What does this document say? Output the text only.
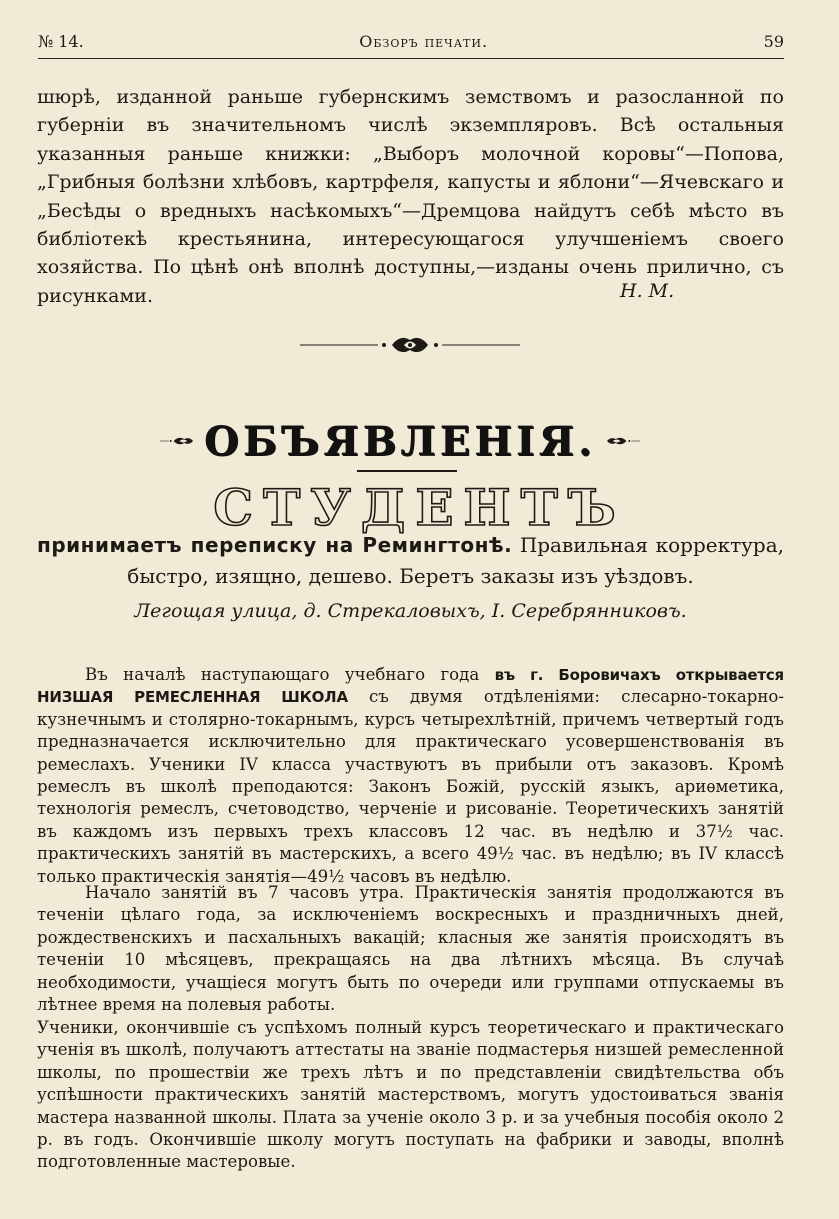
№ 14.	Обзоръ печати.	59

шюрѣ, изданной раньше губернскимъ земствомъ и разосланной по губерніи въ значительномъ числѣ экземпляровъ. Всѣ остальныя указанныя раньше книжки: „Выборъ молочной коровы“—Попова, „Грибныя болѣзни хлѣбовъ, картрфеля, капусты и яблони“—Ячевскаго и „Бесѣды о вредныхъ насѣкомыхъ“—Дремцова найдутъ себѣ мѣсто въ библіотекѣ крестьянина, интересующагося улучшеніемъ своего хозяйства. По цѣнѣ онѣ вполнѣ доступны,—изданы очень прилично, съ рисунками.	Н. М.
ОБЪЯВЛЕНІЯ.
СТУДЕНТЪ

принимаетъ переписку на Ремингтонѣ. Правильная корректура,

быстро, изящно, дешево. Беретъ заказы изъ уѣздовъ.

Легощая улица, д. Стрекаловыхъ, І. Серебрянниковъ.

Въ началѣ наступающаго учебнаго года въ г. Боровичахъ открывается НИЗШАЯ РЕМЕСЛЕННАЯ ШКОЛА съ двумя отдѣленіями: слесарно-токарно-кузнечнымъ и столярно-токарнымъ, курсъ четырехлѣтній, причемъ четвертый годъ предназначается исключительно для практическаго усовершенствованія въ ремеслахъ. Ученики IV класса участвуютъ въ прибыли отъ заказовъ. Кромѣ ремеслъ въ школѣ преподаются: Законъ Божій, русскій языкъ, ариѳметика, технологія ремеслъ, счетоводство, черченіе и рисованіе. Теоретическихъ занятій въ каждомъ изъ первыхъ трехъ классовъ 12 час. въ недѣлю и 37½ час. практическихъ занятій въ мастерскихъ, а всего 49½ час. въ недѣлю; въ IV классѣ только практическія занятія—49½ часовъ въ недѣлю.

Начало занятій въ 7 часовъ утра. Практическія занятія продолжаются въ теченіи цѣлаго года, за исключеніемъ воскресныхъ и праздничныхъ дней, рождественскихъ и пасхальныхъ вакацій; класныя же занятія происходятъ въ теченіи 10 мѣсяцевъ, прекращаясь на два лѣтнихъ мѣсяца. Въ случаѣ необходимости, учащіеся могутъ быть по очереди или группами отпускаемы въ лѣтнее время на полевыя работы.

Ученики, окончившіе съ успѣхомъ полный курсъ теоретическаго и практическаго ученія въ школѣ, получаютъ аттестаты на званіе подмастерья низшей ремесленной школы, по прошествіи же трехъ лѣтъ и по представленіи свидѣтельства объ успѣшности практическихъ занятій мастерствомъ, могутъ удостоиваться званія мастера названной школы. Плата за ученіе около 3 р. и за учебныя пособія около 2 р. въ годъ. Окончившіе школу могутъ поступать на фабрики и заводы, вполнѣ подготовленные мастеровые.
